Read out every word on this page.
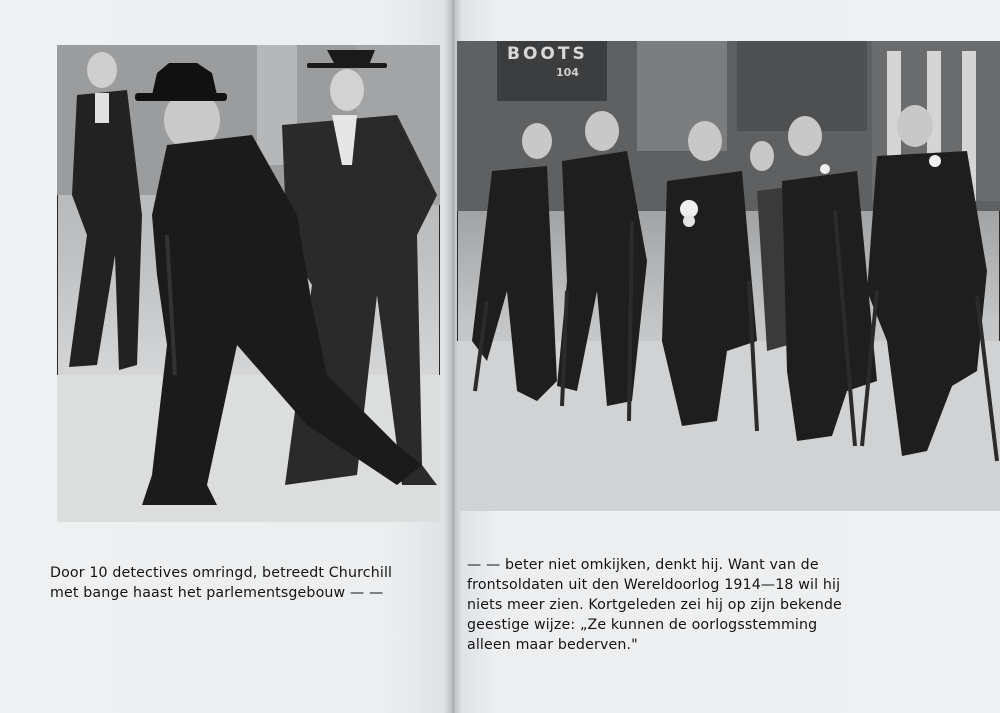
Door 10 detectives omringd, betreedt Churchill
met bange haast het parlementsgebouw — —

BOOTS
104

— — beter niet omkijken, denkt hij. Want van de
frontsoldaten uit den Wereldoorlog 1914—18 wil hij
niets meer zien. Kortgeleden zei hij op zijn bekende
geestige wijze: „Ze kunnen de oorlogsstemming
alleen maar bederven."
